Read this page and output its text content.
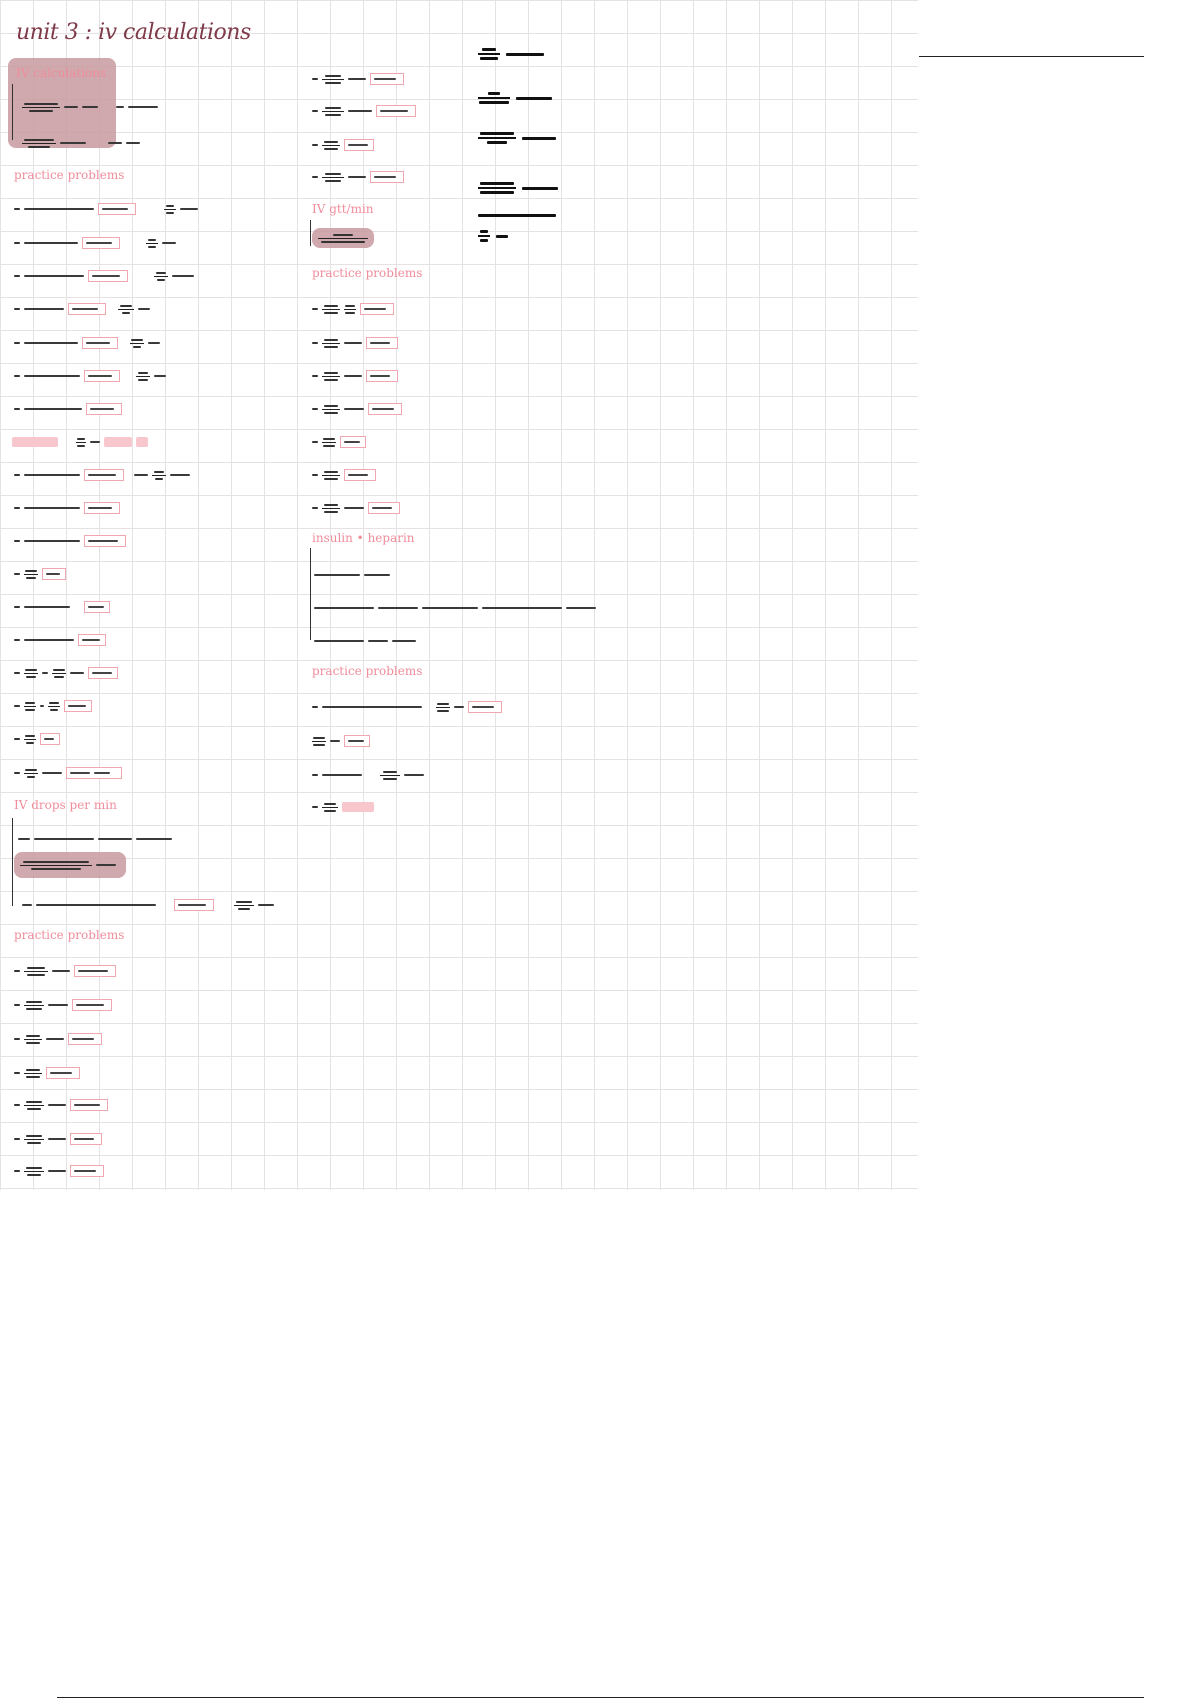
unit 3 : iv calculations
IV calculations
practice problems
IV drops per min
practice problems
IV gtt/min
practice problems
insulin • heparin
practice problems
